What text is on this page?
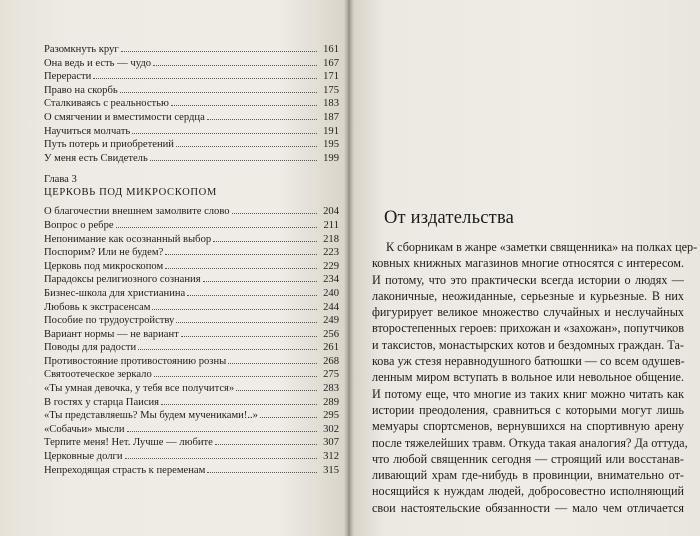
Разомкнуть круг	161
Она ведь и есть — чудо	167
Перерасти	171
Право на скорбь	175
Сталкиваясь с реальностью	183
О смягчении и вместимости сердца	187
Научиться молчать	191
Путь потерь и приобретений	195
У меня есть Свидетель	199
Глава 3
ЦЕРКОВЬ ПОД МИКРОСКОПОМ
О благочестии внешнем замолвите слово	204
Вопрос о ребре	211
Непонимание как осознанный выбор	218
Поспорим? Или не будем?	223
Церковь под микроскопом	229
Парадоксы религиозного сознания	234
Бизнес-школа для христианина	240
Любовь к экстрасенсам	244
Пособие по трудоустройству	249
Вариант нормы — не вариант	256
Поводы для радости	261
Противостояние противостоянию розны	268
Святоотеческое зеркало	275
«Ты умная девочка, у тебя все получится»	283
В гостях у старца Паисия	289
«Ты представляешь? Мы будем мучениками!..»	295
«Собачьи» мысли	302
Терпите меня! Нет. Лучше — любите	307
Церковные долги	312
Непреходящая страсть к переменам	315
От издательства
К сборникам в жанре «заметки священника» на полках цер-
ковных книжных магазинов многие относятся с интересом.
И потому, что это практически всегда истории о людях —
лаконичные, неожиданные, серьезные и курьезные. В них
фигурирует великое множество случайных и неслучайных
второстепенных героев: прихожан и «захожан», попутчиков
и таксистов, монастырских котов и бездомных граждан. Та-
кова уж стезя неравнодушного батюшки — со всем одушев-
ленным миром вступать в вольное или невольное общение.
И потому еще, что многие из таких книг можно читать как
истории преодоления, сравниться с которыми могут лишь
мемуары спортсменов, вернувшихся на спортивную арену
после тяжелейших травм. Откуда такая аналогия? Да оттуда,
что любой священник сегодня — строящий или восстанав-
ливающий храм где-нибудь в провинции, внимательно от-
носящийся к нуждам людей, добросовестно исполняющий
свои настоятельские обязанности — мало чем отличается
